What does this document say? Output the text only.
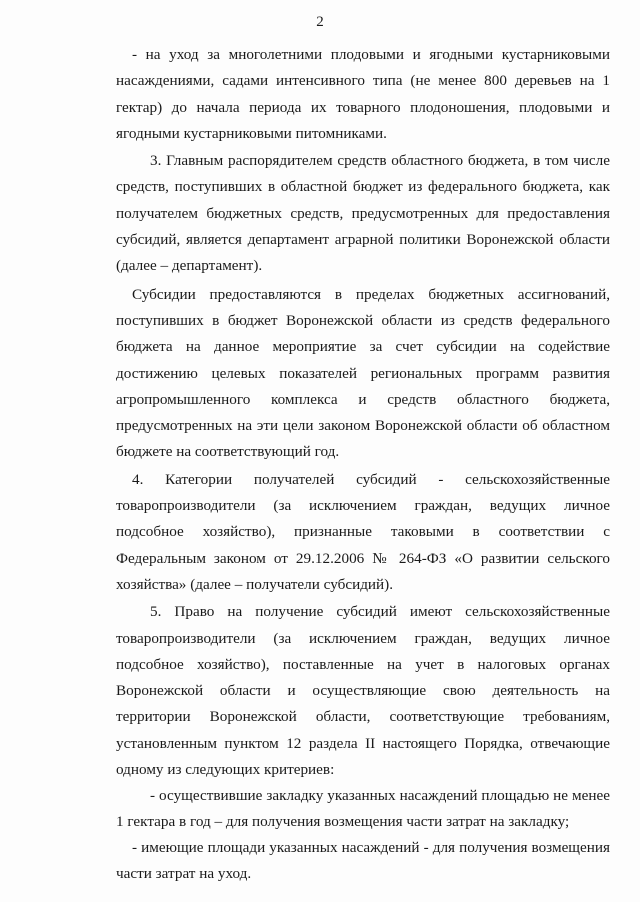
2

- на уход за многолетними плодовыми и ягодными кустарниковыми насаждениями, садами интенсивного типа (не менее 800 деревьев на 1 гектар) до начала периода их товарного плодоношения, плодовыми и ягодными кустарниковыми питомниками.

3. Главным распорядителем средств областного бюджета, в том числе средств, поступивших в областной бюджет из федерального бюджета, как получателем бюджетных средств, предусмотренных для предоставления субсидий, является департамент аграрной политики Воронежской области (далее – департамент).

Субсидии предоставляются в пределах бюджетных ассигнований, поступивших в бюджет Воронежской области из средств федерального бюджета на данное мероприятие за счет субсидии на содействие достижению целевых показателей региональных программ развития агропромышленного комплекса и средств областного бюджета, предусмотренных на эти цели законом Воронежской области об областном бюджете на соответствующий год.

4. Категории получателей субсидий - сельскохозяйственные товаропроизводители (за исключением граждан, ведущих личное подсобное хозяйство), признанные таковыми в соответствии с Федеральным законом от 29.12.2006 № 264-ФЗ «О развитии сельского хозяйства» (далее – получатели субсидий).

5. Право на получение субсидий имеют сельскохозяйственные товаропроизводители (за исключением граждан, ведущих личное подсобное хозяйство), поставленные на учет в налоговых органах Воронежской области и осуществляющие свою деятельность на территории Воронежской области, соответствующие требованиям, установленным пунктом 12 раздела II настоящего Порядка, отвечающие одному из следующих критериев:

- осуществившие закладку указанных насаждений площадью не менее 1 гектара в год – для получения возмещения части затрат на закладку;

- имеющие площади указанных насаждений - для получения возмещения части затрат на уход.
